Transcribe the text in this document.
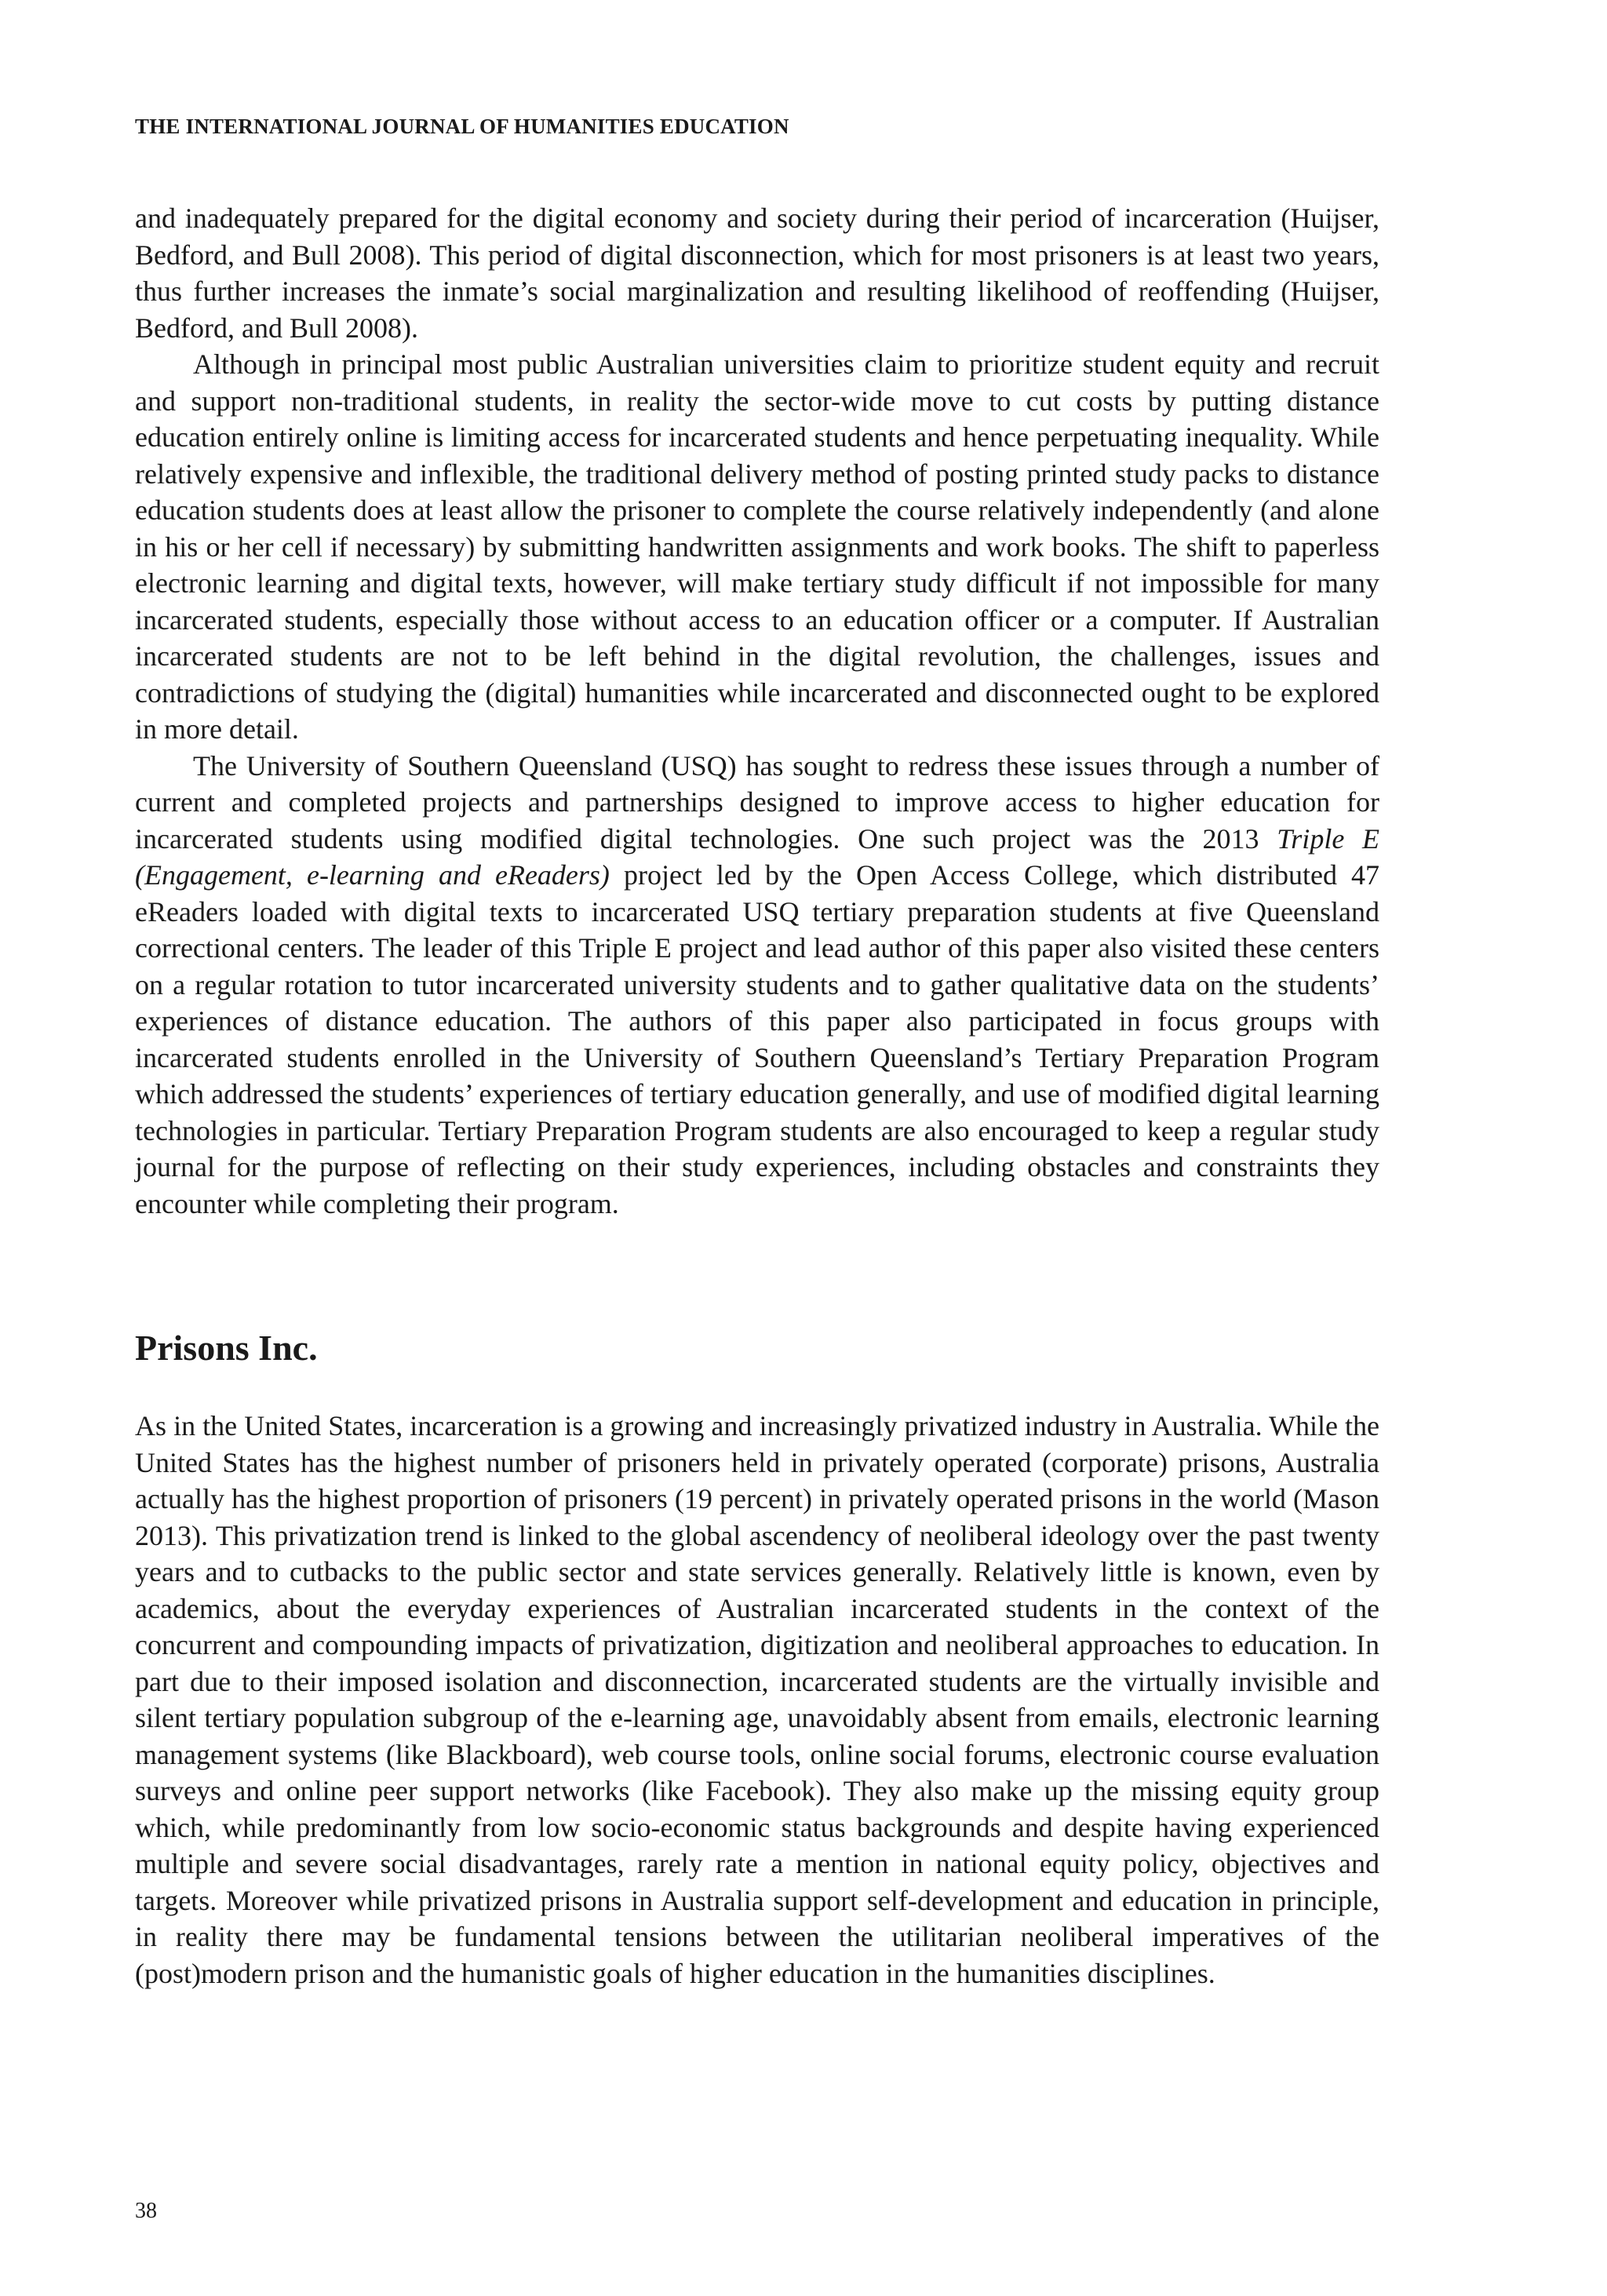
THE INTERNATIONAL JOURNAL OF HUMANITIES EDUCATION

and inadequately prepared for the digital economy and society during their period of incarceration (Huijser, Bedford, and Bull 2008). This period of digital disconnection, which for most prisoners is at least two years, thus further increases the inmate’s social marginalization and resulting likelihood of reoffending (Huijser, Bedford, and Bull 2008).

Although in principal most public Australian universities claim to prioritize student equity and recruit and support non-traditional students, in reality the sector-wide move to cut costs by putting distance education entirely online is limiting access for incarcerated students and hence perpetuating inequality. While relatively expensive and inflexible, the traditional delivery method of posting printed study packs to distance education students does at least allow the prisoner to complete the course relatively independently (and alone in his or her cell if necessary) by submitting handwritten assignments and work books. The shift to paperless electronic learning and digital texts, however, will make tertiary study difficult if not impossible for many incarcerated students, especially those without access to an education officer or a computer. If Australian incarcerated students are not to be left behind in the digital revolution, the challenges, issues and contradictions of studying the (digital) humanities while incarcerated and disconnected ought to be explored in more detail.

The University of Southern Queensland (USQ) has sought to redress these issues through a number of current and completed projects and partnerships designed to improve access to higher education for incarcerated students using modified digital technologies. One such project was the 2013 Triple E (Engagement, e-learning and eReaders) project led by the Open Access College, which distributed 47 eReaders loaded with digital texts to incarcerated USQ tertiary preparation students at five Queensland correctional centers. The leader of this Triple E project and lead author of this paper also visited these centers on a regular rotation to tutor incarcerated university students and to gather qualitative data on the students’ experiences of distance education. The authors of this paper also participated in focus groups with incarcerated students enrolled in the University of Southern Queensland’s Tertiary Preparation Program which addressed the students’ experiences of tertiary education generally, and use of modified digital learning technologies in particular. Tertiary Preparation Program students are also encouraged to keep a regular study journal for the purpose of reflecting on their study experiences, including obstacles and constraints they encounter while completing their program.

Prisons Inc.

As in the United States, incarceration is a growing and increasingly privatized industry in Australia. While the United States has the highest number of prisoners held in privately operated (corporate) prisons, Australia actually has the highest proportion of prisoners (19 percent) in privately operated prisons in the world (Mason 2013). This privatization trend is linked to the global ascendency of neoliberal ideology over the past twenty years and to cutbacks to the public sector and state services generally. Relatively little is known, even by academics, about the everyday experiences of Australian incarcerated students in the context of the concurrent and compounding impacts of privatization, digitization and neoliberal approaches to education. In part due to their imposed isolation and disconnection, incarcerated students are the virtually invisible and silent tertiary population subgroup of the e-learning age, unavoidably absent from emails, electronic learning management systems (like Blackboard), web course tools, online social forums, electronic course evaluation surveys and online peer support networks (like Facebook). They also make up the missing equity group which, while predominantly from low socio-economic status backgrounds and despite having experienced multiple and severe social disadvantages, rarely rate a mention in national equity policy, objectives and targets. Moreover while privatized prisons in Australia support self-development and education in principle, in reality there may be fundamental tensions between the utilitarian neoliberal imperatives of the (post)modern prison and the humanistic goals of higher education in the humanities disciplines.

38
